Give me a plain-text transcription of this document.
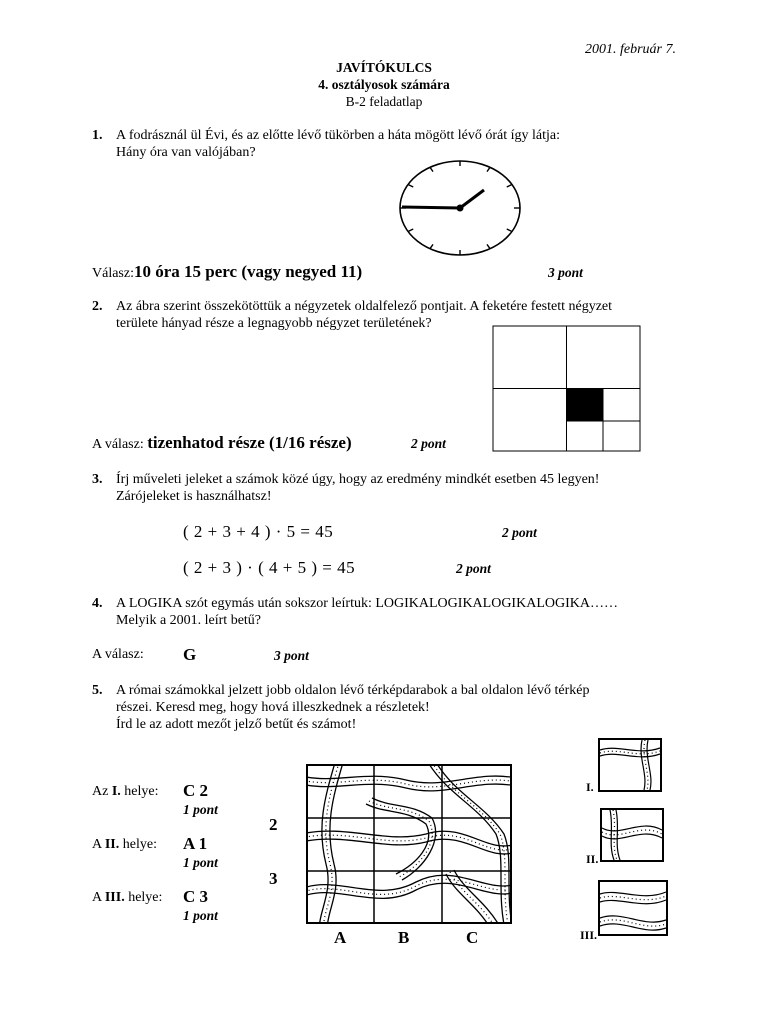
2001. február 7.
JAVÍTÓKULCS
4. osztályosok számára
B-2 feladatlap
1. A fodrásznál ül Évi, és az előtte lévő tükörben a háta mögött lévő órát így látja:
Hány óra van valójában?
Válasz:10 óra 15 perc (vagy negyed 11)	3 pont
2. Az ábra szerint összekötöttük a négyzetek oldalfelező pontjait. A feketére festett négyzet
területe hányad része a legnagyobb négyzet területének?
A válasz: tizenhatod része (1/16 része)	2 pont
3. Írj műveleti jeleket a számok közé úgy, hogy az eredmény mindkét esetben 45 legyen!
Zárójeleket is használhatsz!
( 2 + 3 + 4 ) · 5 = 45	2 pont
( 2 + 3 ) · ( 4 + 5 ) = 45	2 pont
4. A LOGIKA szót egymás után sokszor leírtuk: LOGIKALOGIKALOGIKALOGIKA……
Melyik a 2001. leírt betű?
A válasz: G	3 pont
5. A római számokkal jelzett jobb oldalon lévő térképdarabok a bal oldalon lévő térkép
részei. Keresd meg, hogy hová illeszkednek a részletek!
Írd le az adott mezőt jelző betűt és számot!
Az I. helye: C 2
1 pont
A II. helye: A 1
1 pont
A III. helye: C 3
1 pont
2
3
A	B	C
I.
II.
III.
